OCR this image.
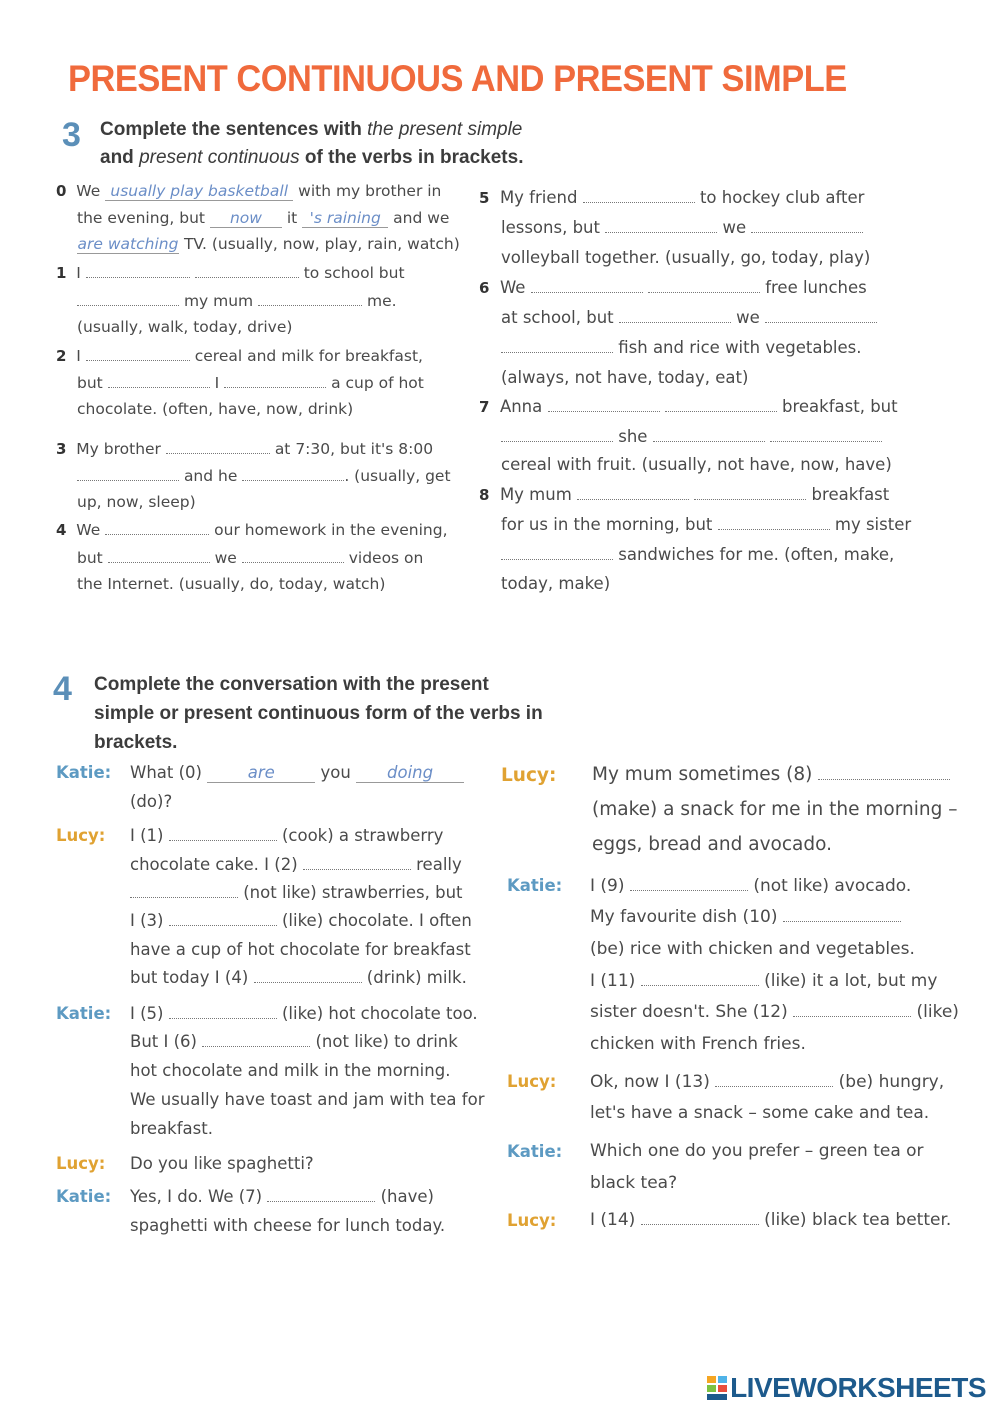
PRESENT CONTINUOUS AND PRESENT SIMPLE
3 Complete the sentences with the present simple
and present continuous of the verbs in brackets.
0 We usually play basketball with my brother in
the evening, but now it 's raining and we
are watching TV. (usually, now, play, rain, watch)
1 I	to school but
my mum	me.
(usually, walk, today, drive)
2 I	cereal and milk for breakfast,
but	I	a cup of hot
chocolate. (often, have, now, drink)
3 My brother	at 7:30, but it's 8:00
and he	. (usually, get
up, now, sleep)
4 We	our homework in the evening,
but	we	videos on
the Internet. (usually, do, today, watch)
5 My friend	to hockey club after
lessons, but	we
volleyball together. (usually, go, today, play)
6 We	free lunches
at school, but	we
fish and rice with vegetables.
(always, not have, today, eat)
7 Anna	breakfast, but
she
cereal with fruit. (usually, not have, now, have)
8 My mum	breakfast
for us in the morning, but	my sister
sandwiches for me. (often, make,
today, make)
4 Complete the conversation with the present
simple or present continuous form of the verbs in
brackets.
Katie: What (0)	are	you doing
(do)?
Lucy: I (1)	(cook) a strawberry
chocolate cake. I (2)	really
(not like) strawberries, but
I (3)	(like) chocolate. I often
have a cup of hot chocolate for breakfast
but today I (4)	(drink) milk.
Katie: I (5)	(like) hot chocolate too.
But I (6)	(not like) to drink
hot chocolate and milk in the morning.
We usually have toast and jam with tea for
breakfast.
Lucy: Do you like spaghetti?
Katie: Yes, I do. We (7)	(have)
spaghetti with cheese for lunch today.
Lucy: My mum sometimes (8)
(make) a snack for me in the morning –
eggs, bread and avocado.
Katie: I (9)	(not like) avocado.
My favourite dish (10)
(be) rice with chicken and vegetables.
I (11)	(like) it a lot, but my
sister doesn't. She (12)	(like)
chicken with French fries.
Lucy: Ok, now I (13)	(be) hungry,
let's have a snack – some cake and tea.
Katie: Which one do you prefer – green tea or
black tea?
Lucy: I (14)	(like) black tea better.
LIVEWORKSHEETS
